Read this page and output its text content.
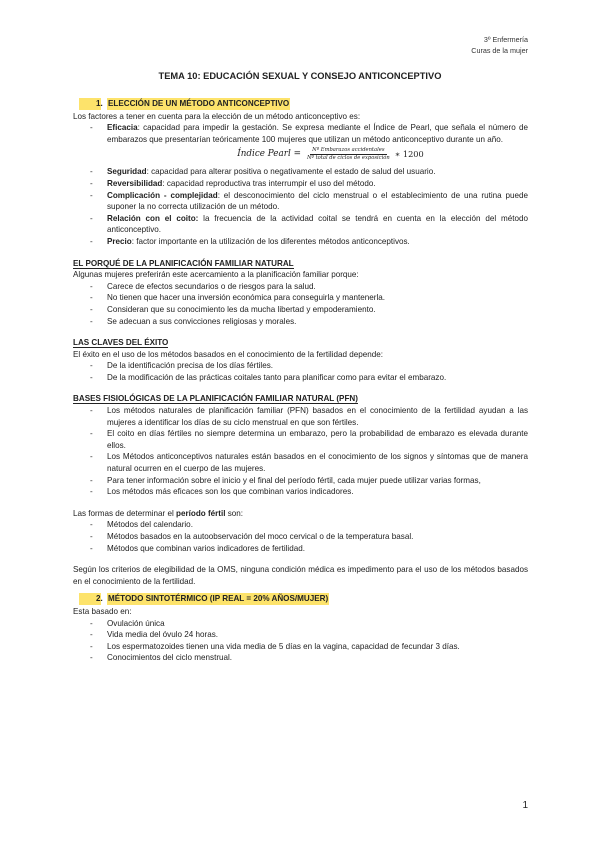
3º Enfermería
Curas de la mujer
TEMA 10: EDUCACIÓN SEXUAL Y CONSEJO ANTICONCEPTIVO
1. ELECCIÓN DE UN MÉTODO ANTICONCEPTIVO

Los factores a tener en cuenta para la elección de un método anticonceptivo es:

- Eficacia: capacidad para impedir la gestación. Se expresa mediante el Índice de Pearl, que señala el número de embarazos que presentarían teóricamente 100 mujeres que utilizan un método anticonceptivo durante un año.
Índice Pearl = $\frac{\text{Nº Embarazos accidentales}}{\text{Nº total de ciclos de exposición}}$ ∗ 1200
- Seguridad: capacidad para alterar positiva o negativamente el estado de salud del usuario.
- Reversibilidad: capacidad reproductiva tras interrumpir el uso del método.
- Complicación - complejidad: el desconocimiento del ciclo menstrual o el establecimiento de una rutina puede suponer la no correcta utilización de un método.
- Relación con el coito: la frecuencia de la actividad coital se tendrá en cuenta en la elección del método anticonceptivo.
- Precio: factor importante en la utilización de los diferentes métodos anticonceptivos.
EL PORQUÉ DE LA PLANIFICACIÓN FAMILIAR NATURAL

Algunas mujeres preferirán este acercamiento a la planificación familiar porque:

- Carece de efectos secundarios o de riesgos para la salud.
- No tienen que hacer una inversión económica para conseguirla y mantenerla.
- Consideran que su conocimiento les da mucha libertad y empoderamiento.
- Se adecuan a sus convicciones religiosas y morales.
LAS CLAVES DEL ÉXITO

El éxito en el uso de los métodos basados en el conocimiento de la fertilidad depende:

- De la identificación precisa de los días fértiles.
- De la modificación de las prácticas coitales tanto para planificar como para evitar el embarazo.
BASES FISIOLÓGICAS DE LA PLANIFICACIÓN FAMILIAR NATURAL (PFN)
- Los métodos naturales de planificación familiar (PFN) basados en el conocimiento de la fertilidad ayudan a las mujeres a identificar los días de su ciclo menstrual en que son fértiles.
- El coito en días fértiles no siempre determina un embarazo, pero la probabilidad de embarazo es elevada durante ellos.
- Los Métodos anticonceptivos naturales están basados en el conocimiento de los signos y síntomas que de manera natural ocurren en el cuerpo de las mujeres.
- Para tener información sobre el inicio y el final del período fértil, cada mujer puede utilizar varias formas,
- Los métodos más eficaces son los que combinan varios indicadores.

Las formas de determinar el período fértil son:

- Métodos del calendario.
- Métodos basados en la autoobservación del moco cervical o de la temperatura basal.
- Métodos que combinan varios indicadores de fertilidad.

Según los criterios de elegibilidad de la OMS, ninguna condición médica es impedimento para el uso de los métodos basados en el conocimiento de la fertilidad.

2. MÉTODO SINTOTÉRMICO (IP REAL = 20% AÑOS/MUJER)

Esta basado en:

- Ovulación única
- Vida media del óvulo 24 horas.
- Los espermatozoides tienen una vida media de 5 días en la vagina, capacidad de fecundar 3 días.
- Conocimientos del ciclo menstrual.
1
